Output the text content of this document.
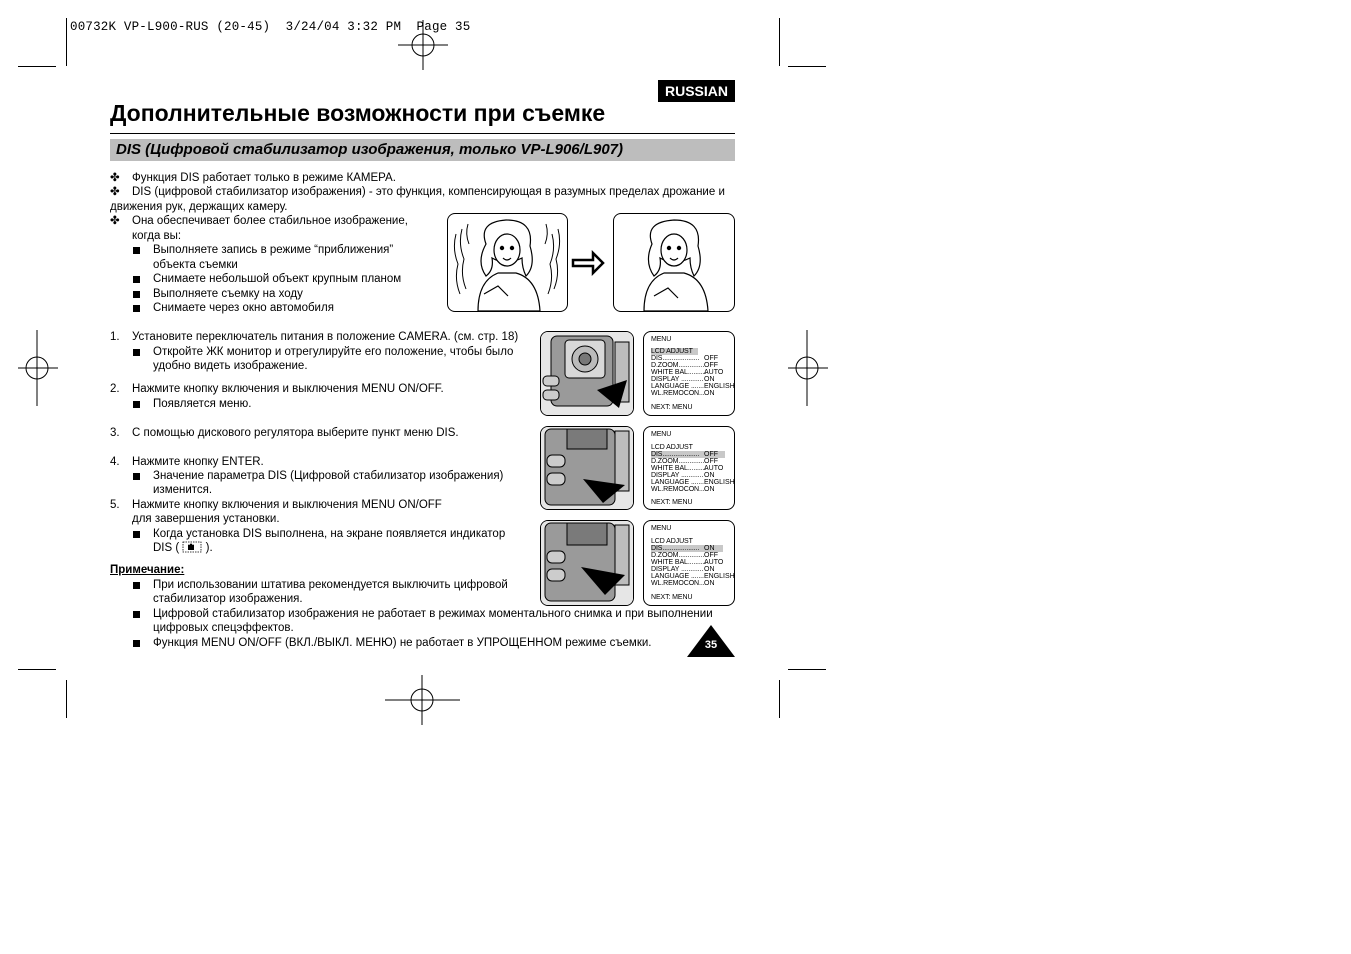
00732K VP-L900-RUS (20-45)  3/24/04 3:32 PM  Page 35
RUSSIAN
Дополнительные возможности при съемке
DIS (Цифровой стабилизатор изображения, только VP-L906/L907)
✤ Функция DIS работает только в режиме КАМЕРА.
✤ DIS (цифровой стабилизатор изображения) - это функция, компенсирующая в разумных пределах дрожание и
движения рук, держащих камеру.
✤ Она обеспечивает более стабильное изображение,
когда вы:
Выполняете запись в режиме “приближения”
объекта съемки
Снимаете небольшой объект крупным планом
Выполняете съемку на ходу
Снимаете через окно автомобиля
1. Установите переключатель питания в положение CAMERA. (см. стр. 18)
Откройте ЖК монитор и отрегулируйте его положение, чтобы было
удобно видеть изображение.
2. Нажмите кнопку включения и выключения MENU ON/OFF.
Появляется меню.
3. С помощью дискового регулятора выберите пункт меню DIS.
4. Нажмите кнопку ENTER.
Значение параметра DIS (Цифровой стабилизатор изображения)
изменится.
5. Нажмите кнопку включения и выключения MENU ON/OFF
для завершения установки.
Когда установка DIS выполнена, на экране появляется индикатор
DIS ( ).
Примечание:
При использовании штатива рекомендуется выключить цифровой
стабилизатор изображения.
Цифровой стабилизатор изображения не работает в режимах моментального снимка и при выполнении
цифровых спецэффектов.
Функция MENU ON/OFF (ВКЛ./ВЫКЛ. МЕНЮ) не работает в УПРОЩЕННОМ режиме съемки.
MENU
LCD ADJUST
DIS.................... OFF
D.ZOOM.............. OFF
WHITE BAL..........
AUTO
DISPLAY ............ ON
LANGUAGE ....... ENGLISH
WL.REMOCON... ON
NEXT: MENU
MENU
LCD ADJUST
DIS.................... OFF
D.ZOOM.............. OFF
WHITE BAL..........
AUTO
DISPLAY ............ ON
LANGUAGE ....... ENGLISH
WL.REMOCON... ON
NEXT: MENU
MENU
LCD ADJUST
DIS.................... ON
D.ZOOM.............. OFF
WHITE BAL..........
AUTO
DISPLAY ............ ON
LANGUAGE ....... ENGLISH
WL.REMOCON... ON
NEXT: MENU
35
